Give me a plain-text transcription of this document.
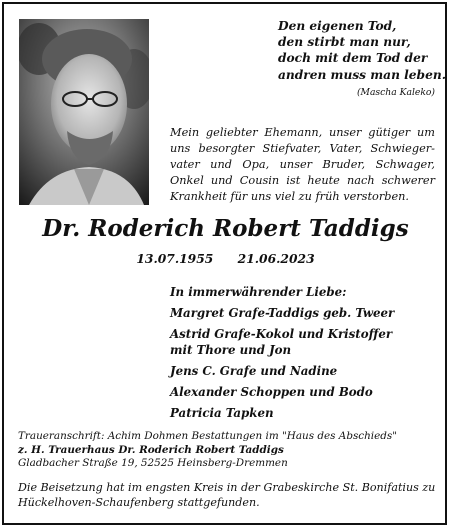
Den eigenen Tod,
den stirbt man nur,
doch mit dem Tod der
andren muss man leben.
(Mascha Kaleko)
Mein geliebter Ehemann, unser gütiger um uns besorgter Stiefvater, Vater, Schwiegervater und Opa, unser Bruder, Schwager, Onkel und Cousin ist heute nach schwerer Krankheit für uns viel zu früh verstorben.
Dr. Roderich Robert Taddigs
13.07.1955 21.06.2023
In immerwährender Liebe:
Margret Grafe-Taddigs geb. Tweer
Astrid Grafe-Kokol und Kristoffer
mit Thore und Jon
Jens C. Grafe und Nadine
Alexander Schoppen und Bodo
Patricia Tapken
Traueranschrift: Achim Dohmen Bestattungen im "Haus des Abschieds"
z. H. Trauerhaus Dr. Roderich Robert Taddigs
Gladbacher Straße 19, 52525 Heinsberg-Dremmen
Die Beisetzung hat im engsten Kreis in der Grabeskirche St. Bonifatius zu Hückelhoven-Schaufenberg stattgefunden.
